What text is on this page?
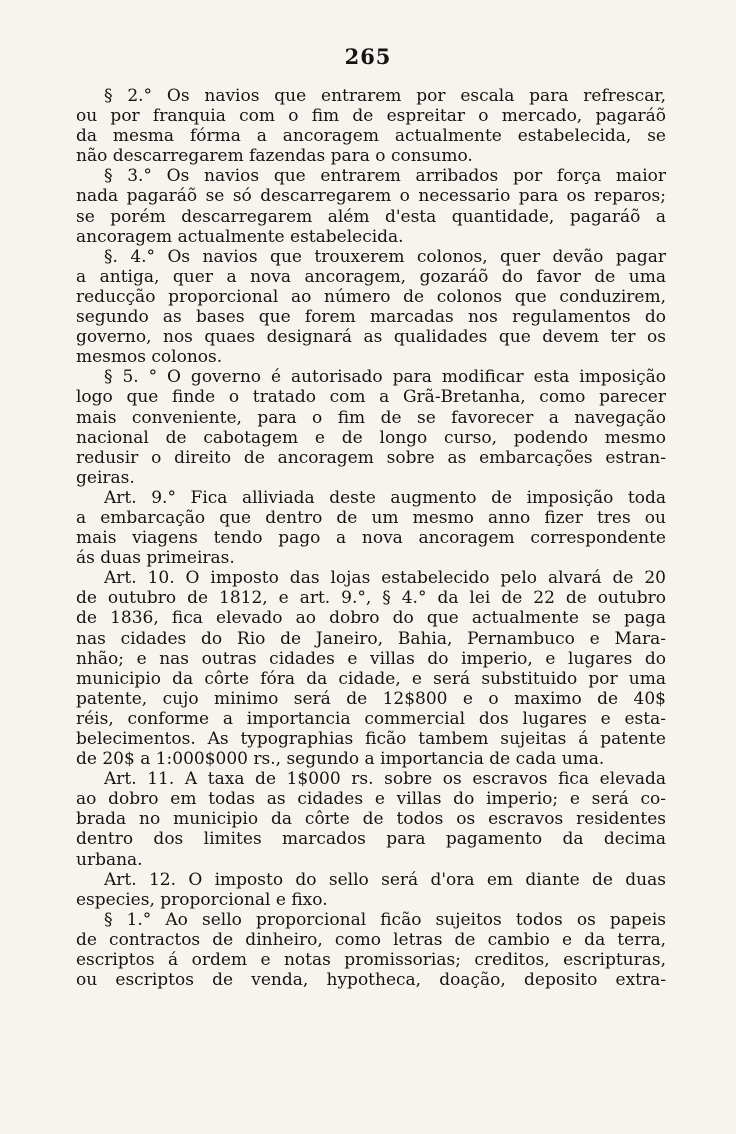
265
§ 2.° Os navios que entrarem por escala para refrescar,
ou por franquia com o fim de espreitar o mercado, pagaráõ
da mesma fórma a ancoragem actualmente estabelecida, se
não descarregarem fazendas para o consumo.
§ 3.° Os navios que entrarem arribados por força maior
nada pagaráõ se só descarregarem o necessario para os reparos;
se porém descarregarem além d'esta quantidade, pagaráõ a
ancoragem actualmente estabelecida.
§. 4.° Os navios que trouxerem colonos, quer devão pagar
a antiga, quer a nova ancoragem, gozaráõ do favor de uma
reducção proporcional ao número de colonos que conduzirem,
segundo as bases que forem marcadas nos regulamentos do
governo, nos quaes designará as qualidades que devem ter os
mesmos colonos.
§ 5. ° O governo é autorisado para modificar esta imposição
logo que finde o tratado com a Grã-Bretanha, como parecer
mais conveniente, para o fim de se favorecer a navegação
nacional de cabotagem e de longo curso, podendo mesmo
redusir o direito de ancoragem sobre as embarcações estran-
geiras.
Art. 9.° Fica alliviada deste augmento de imposição toda
a embarcação que dentro de um mesmo anno fizer tres ou
mais viagens tendo pago a nova ancoragem correspondente
ás duas primeiras.
Art. 10. O imposto das lojas estabelecido pelo alvará de 20
de outubro de 1812, e art. 9.°, § 4.° da lei de 22 de outubro
de 1836, fica elevado ao dobro do que actualmente se paga
nas cidades do Rio de Janeiro, Bahia, Pernambuco e Mara-
nhão; e nas outras cidades e villas do imperio, e lugares do
municipio da côrte fóra da cidade, e será substituido por uma
patente, cujo minimo será de 12$800 e o maximo de 40$
réis, conforme a importancia commercial dos lugares e esta-
belecimentos. As typographias ficão tambem sujeitas á patente
de 20$ a 1:000$000 rs., segundo a importancia de cada uma.
Art. 11. A taxa de 1$000 rs. sobre os escravos fica elevada
ao dobro em todas as cidades e villas do imperio; e será co-
brada no municipio da côrte de todos os escravos residentes
dentro dos limites marcados para pagamento da decima
urbana.
Art. 12. O imposto do sello será d'ora em diante de duas
especies, proporcional e fixo.
§ 1.° Ao sello proporcional ficão sujeitos todos os papeis
de contractos de dinheiro, como letras de cambio e da terra,
escriptos á ordem e notas promissorias; creditos, escripturas,
ou escriptos de venda, hypotheca, doação, deposito extra-
